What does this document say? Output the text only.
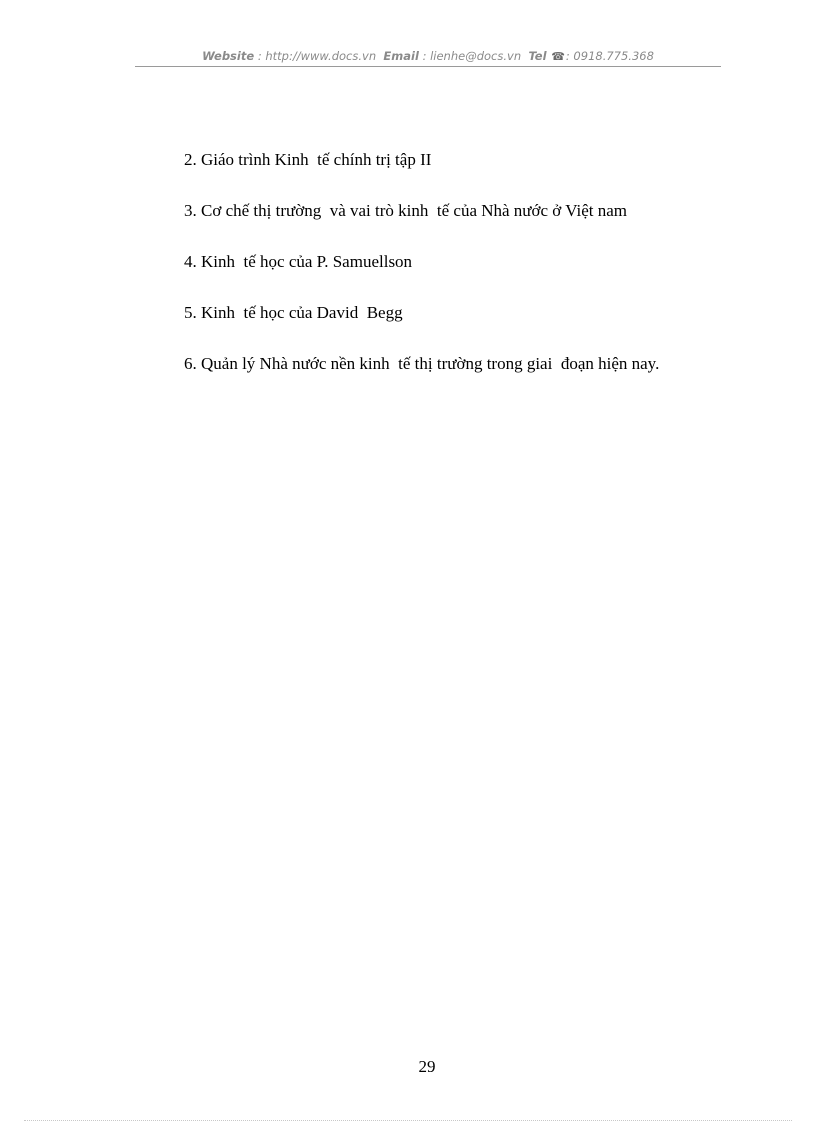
Website : http://www.docs.vn Email : lienhe@docs.vn Tel ☎: 0918.775.368
2. Giáo trình Kinh  tế chính trị tập II
3. Cơ chế thị trường  và vai trò kinh  tế của Nhà nước ở Việt nam
4. Kinh  tế học của P. Samuellson
5. Kinh  tế học của David  Begg
6. Quản lý Nhà nước nền kinh  tế thị trường trong giai  đoạn hiện nay.
29
